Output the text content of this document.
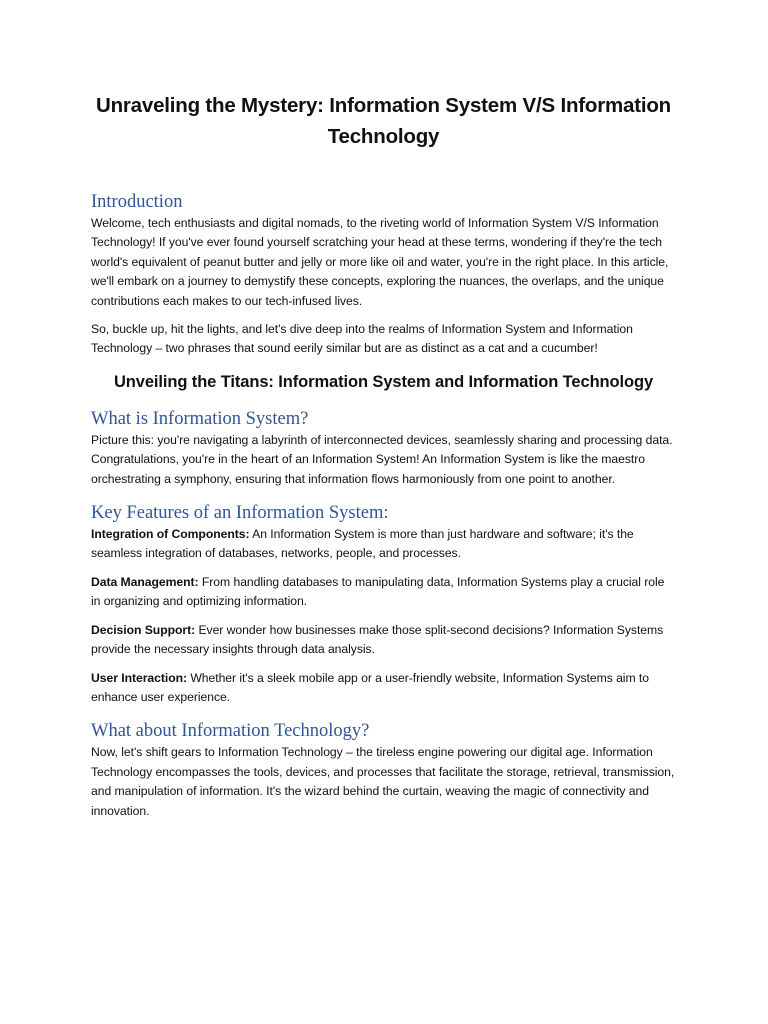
Unraveling the Mystery: Information System V/S Information Technology
Introduction

Welcome, tech enthusiasts and digital nomads, to the riveting world of Information System V/S Information Technology! If you've ever found yourself scratching your head at these terms, wondering if they're the tech world's equivalent of peanut butter and jelly or more like oil and water, you're in the right place. In this article, we'll embark on a journey to demystify these concepts, exploring the nuances, the overlaps, and the unique contributions each makes to our tech-infused lives.

So, buckle up, hit the lights, and let's dive deep into the realms of Information System and Information Technology – two phrases that sound eerily similar but are as distinct as a cat and a cucumber!

Unveiling the Titans: Information System and Information Technology
What is Information System?

Picture this: you're navigating a labyrinth of interconnected devices, seamlessly sharing and processing data. Congratulations, you're in the heart of an Information System! An Information System is like the maestro orchestrating a symphony, ensuring that information flows harmoniously from one point to another.

Key Features of an Information System:

Integration of Components: An Information System is more than just hardware and software; it's the seamless integration of databases, networks, people, and processes.

Data Management: From handling databases to manipulating data, Information Systems play a crucial role in organizing and optimizing information.

Decision Support: Ever wonder how businesses make those split-second decisions? Information Systems provide the necessary insights through data analysis.

User Interaction: Whether it's a sleek mobile app or a user-friendly website, Information Systems aim to enhance user experience.

What about Information Technology?

Now, let's shift gears to Information Technology – the tireless engine powering our digital age. Information Technology encompasses the tools, devices, and processes that facilitate the storage, retrieval, transmission, and manipulation of information. It's the wizard behind the curtain, weaving the magic of connectivity and innovation.
